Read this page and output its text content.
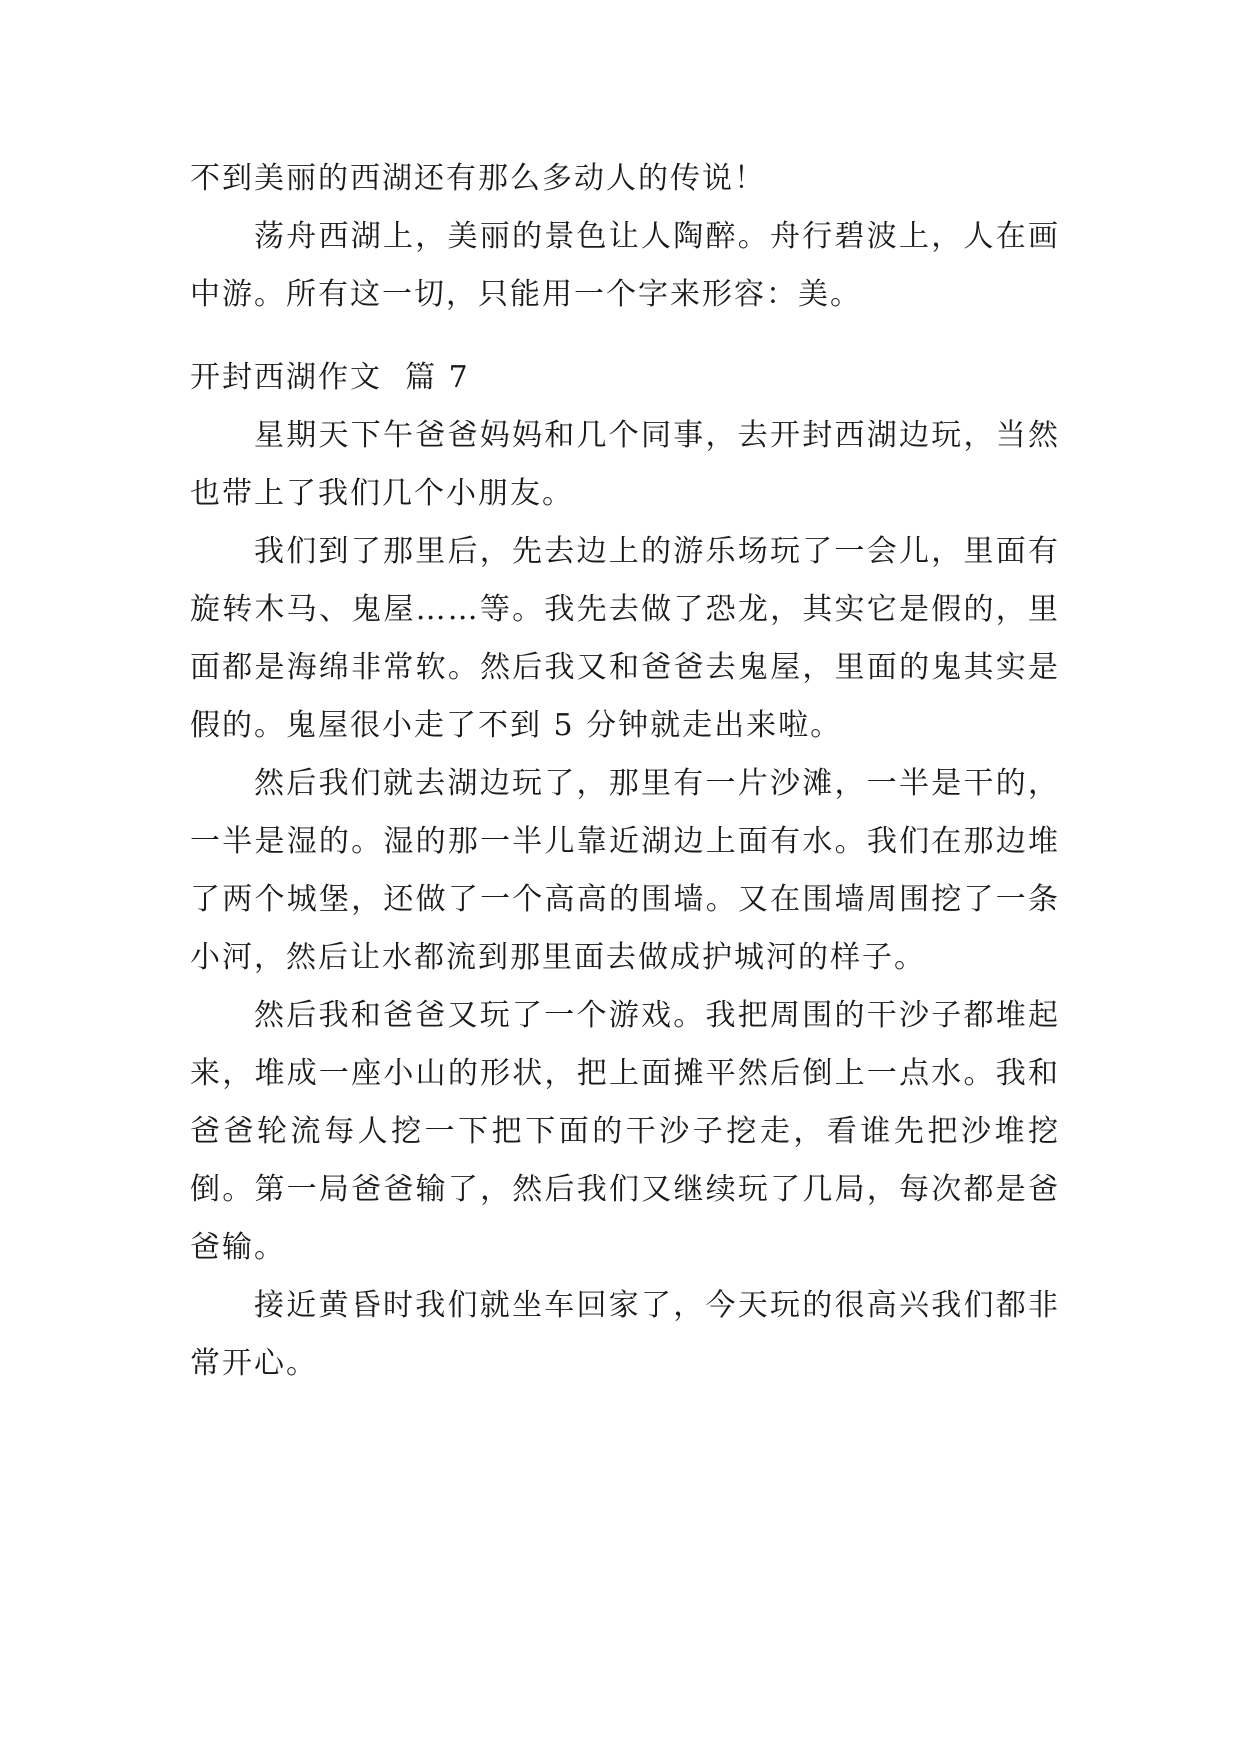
不到美丽的西湖还有那么多动人的传说！

荡舟西湖上，美丽的景色让人陶醉。舟行碧波上，人在画中游。所有这一切，只能用一个字来形容：美。

开封西湖作文  篇 7

星期天下午爸爸妈妈和几个同事，去开封西湖边玩，当然也带上了我们几个小朋友。

我们到了那里后，先去边上的游乐场玩了一会儿，里面有旋转木马、鬼屋……等。我先去做了恐龙，其实它是假的，里面都是海绵非常软。然后我又和爸爸去鬼屋，里面的鬼其实是假的。鬼屋很小走了不到 5 分钟就走出来啦。

然后我们就去湖边玩了，那里有一片沙滩，一半是干的，一半是湿的。湿的那一半儿靠近湖边上面有水。我们在那边堆了两个城堡，还做了一个高高的围墙。又在围墙周围挖了一条小河，然后让水都流到那里面去做成护城河的样子。

然后我和爸爸又玩了一个游戏。我把周围的干沙子都堆起来，堆成一座小山的形状，把上面摊平然后倒上一点水。我和爸爸轮流每人挖一下把下面的干沙子挖走，看谁先把沙堆挖倒。第一局爸爸输了，然后我们又继续玩了几局，每次都是爸爸输。

接近黄昏时我们就坐车回家了，今天玩的很高兴我们都非常开心。
